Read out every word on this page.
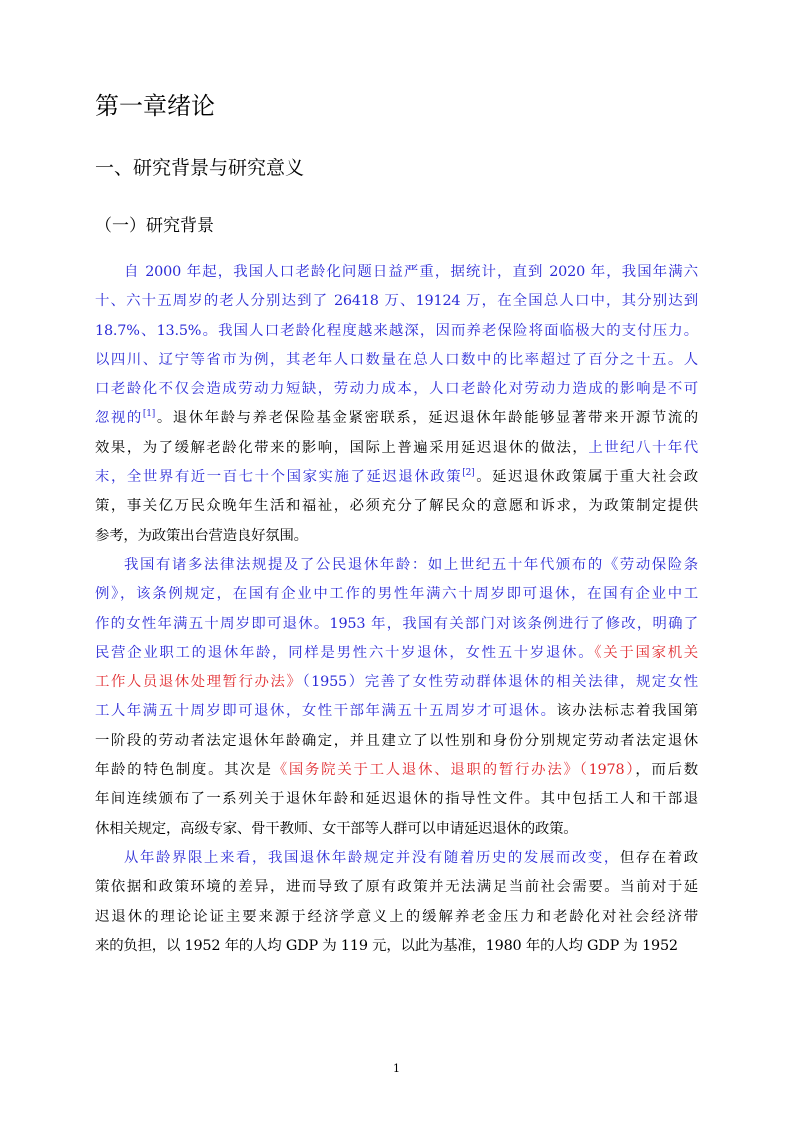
第一章绪论
一、研究背景与研究意义
（一）研究背景
自 2000 年起，我国人口老龄化问题日益严重，据统计，直到 2020 年，我国年满六
十、六十五周岁的老人分别达到了 26418 万、19124 万，在全国总人口中，其分别达到
18.7%、13.5%。我国人口老龄化程度越来越深，因而养老保险将面临极大的支付压力。
以四川、辽宁等省市为例，其老年人口数量在总人口数中的比率超过了百分之十五。人
口老龄化不仅会造成劳动力短缺，劳动力成本，人口老龄化对劳动力造成的影响是不可
忽视的[1]。退休年龄与养老保险基金紧密联系，延迟退休年龄能够显著带来开源节流的
效果，为了缓解老龄化带来的影响，国际上普遍采用延迟退休的做法，上世纪八十年代
末，全世界有近一百七十个国家实施了延迟退休政策[2]。延迟退休政策属于重大社会政
策，事关亿万民众晚年生活和福祉，必须充分了解民众的意愿和诉求，为政策制定提供
参考，为政策出台营造良好氛围。
我国有诸多法律法规提及了公民退休年龄：如上世纪五十年代颁布的《劳动保险条
例》，该条例规定，在国有企业中工作的男性年满六十周岁即可退休，在国有企业中工
作的女性年满五十周岁即可退休。1953 年，我国有关部门对该条例进行了修改，明确了
民营企业职工的退休年龄，同样是男性六十岁退休，女性五十岁退休。《关于国家机关
工作人员退休处理暂行办法》（1955）完善了女性劳动群体退休的相关法律，规定女性
工人年满五十周岁即可退休，女性干部年满五十五周岁才可退休。该办法标志着我国第
一阶段的劳动者法定退休年龄确定，并且建立了以性别和身份分别规定劳动者法定退休
年龄的特色制度。其次是《国务院关于工人退休、退职的暂行办法》（1978），而后数
年间连续颁布了一系列关于退休年龄和延迟退休的指导性文件。其中包括工人和干部退
休相关规定，高级专家、骨干教师、女干部等人群可以申请延迟退休的政策。
从年龄界限上来看，我国退休年龄规定并没有随着历史的发展而改变，但存在着政
策依据和政策环境的差异，进而导致了原有政策并无法满足当前社会需要。当前对于延
迟退休的理论论证主要来源于经济学意义上的缓解养老金压力和老龄化对社会经济带
来的负担，以 1952 年的人均 GDP 为 119 元，以此为基准，1980 年的人均 GDP 为 1952
1
